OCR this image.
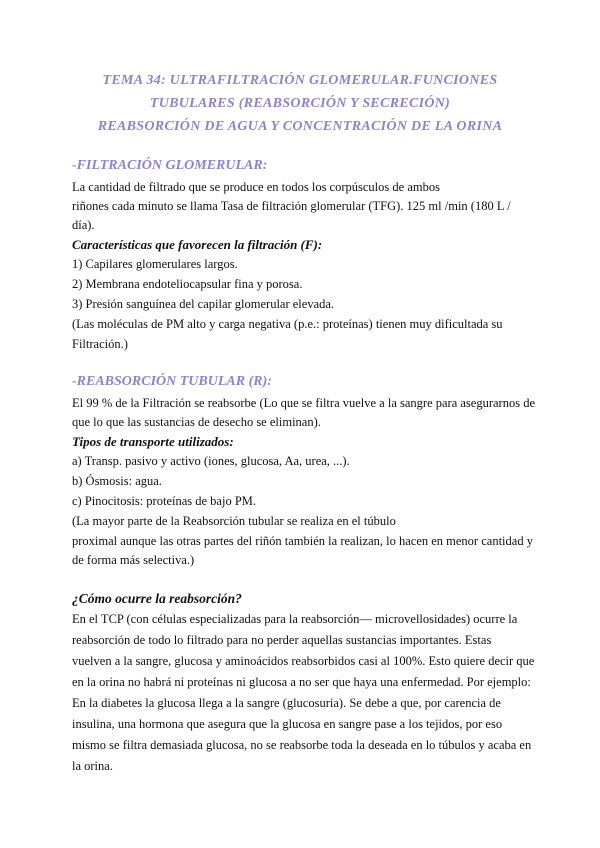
TEMA 34: ULTRAFILTRACIÓN GLOMERULAR.FUNCIONES
TUBULARES (REABSORCIÓN Y SECRECIÓN)
REABSORCIÓN DE AGUA Y CONCENTRACIÓN DE LA ORINA
-FILTRACIÓN GLOMERULAR:
La cantidad de filtrado que se produce en todos los corpúsculos de ambos
riñones cada minuto se llama Tasa de filtración glomerular (TFG). 125 ml /min (180 L /
día).
Características que favorecen la filtración (F):
1) Capilares glomerulares largos.
2) Membrana endoteliocapsular fina y porosa.
3) Presión sanguínea del capilar glomerular elevada.
(Las moléculas de PM alto y carga negativa (p.e.: proteínas) tienen muy dificultada su
Filtración.)
-REABSORCIÓN TUBULAR (R):
El 99 % de la Filtración se reabsorbe (Lo que se filtra vuelve a la sangre para asegurarnos de
que lo que las sustancias de desecho se eliminan).
Tipos de transporte utilizados:
a) Transp. pasivo y activo (iones, glucosa, Aa, urea, ...).
b) Ósmosis: agua.
c) Pinocitosis: proteínas de bajo PM.
(La mayor parte de la Reabsorción tubular se realiza en el túbulo
proximal aunque las otras partes del riñón también la realizan, lo hacen en menor cantidad y
de forma más selectiva.)
¿Cómo ocurre la reabsorción?
En el TCP (con células especializadas para la reabsorción— microvellosidades) ocurre la
reabsorción de todo lo filtrado para no perder aquellas sustancias importantes. Estas
vuelven a la sangre, glucosa y aminoácidos reabsorbidos casi al 100%. Esto quiere decir que
en la orina no habrá ni proteínas ni glucosa a no ser que haya una enfermedad. Por ejemplo:
En la diabetes la glucosa llega a la sangre (glucosuria). Se debe a que, por carencia de
insulina, una hormona que asegura que la glucosa en sangre pase a los tejidos, por eso
mismo se filtra demasiada glucosa, no se reabsorbe toda la deseada en lo túbulos y acaba en
la orina.
